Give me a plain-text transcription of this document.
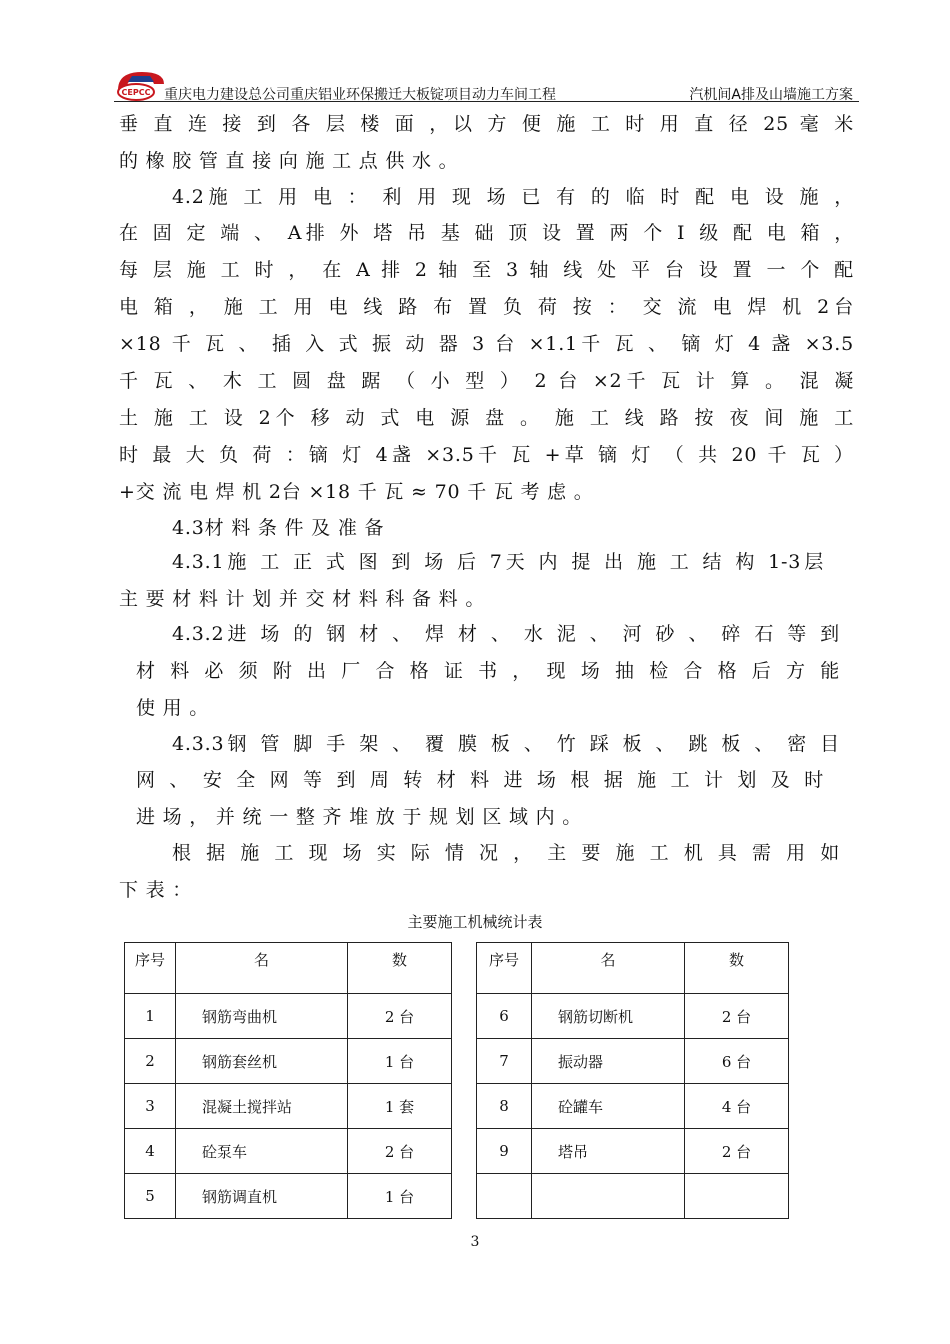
CEPCC 重庆电力建设总公司重庆铝业环保搬迁大板锭项目动力车间工程	汽机间A排及山墙施工方案
垂 直 连 接 到 各 层 楼 面 ，以 方 便 施 工 时 用 直 径 25 毫 米
的 橡 胶 管 直 接 向 施 工 点 供 水 。
4.2施 工 用 电 ： 利 用 现 场 已 有 的 临 时 配 电 设 施 ，
在 固 定 端 、 A排 外 塔 吊 基 础 顶 设 置 两 个 Ⅰ 级 配 电 箱 ，
每 层 施 工 时 ， 在 A 排 2 轴 至 3 轴 线 处 平 台 设 置 一 个 配
电 箱 ， 施 工 用 电 线 路 布 置 负 荷 按 ： 交 流 电 焊 机 2台
×18 千 瓦 、 插 入 式 振 动 器 3 台 ×1.1千 瓦 、 镝 灯 4 盏 ×3.5
千 瓦 、 木 工 圆 盘 踞 （ 小 型 ） 2 台 ×2千 瓦 计 算 。 混 凝
土 施 工 设 2个 移 动 式 电 源 盘 。 施 工 线 路 按 夜 间 施 工
时 最 大 负 荷 ：镝 灯 4盏 ×3.5千 瓦 +草 镝 灯 （ 共 20 千 瓦 ）
+交 流 电 焊 机 2台 ×18 千 瓦 ≈ 70 千 瓦 考 虑 。
4.3材 料 条 件 及 准 备
4.3.1施 工 正 式 图 到 场 后 7天 内 提 出 施 工 结 构 1-3层
主 要 材 料 计 划 并 交 材 料 科 备 料 。
4.3.2进 场 的 钢 材 、 焊 材 、 水 泥 、 河 砂 、 碎 石 等 到
材 料 必 须 附 出 厂 合 格 证 书 ， 现 场 抽 检 合 格 后 方 能
使 用 。
4.3.3钢 管 脚 手 架 、 覆 膜 板 、 竹 踩 板 、 跳 板 、 密 目
网 、 安 全 网 等 到 周 转 材 料 进 场 根 据 施 工 计 划 及 时
进 场 ， 并 统 一 整 齐 堆 放 于 规 划 区 域 内 。
根 据 施 工 现 场 实 际 情 况 ， 主 要 施 工 机 具 需 用 如
下 表 ：
主要施工机械统计表
序号	名	数		序号	名	数
1	钢筋弯曲机	2 台		6	钢筋切断机	2 台
2	钢筋套丝机	1 台		7	振动器	6 台
3	混凝土搅拌站	1 套		8	砼罐车	4 台
4	砼泵车	2 台		9	塔吊	2 台
5	钢筋调直机	1 台				
3
